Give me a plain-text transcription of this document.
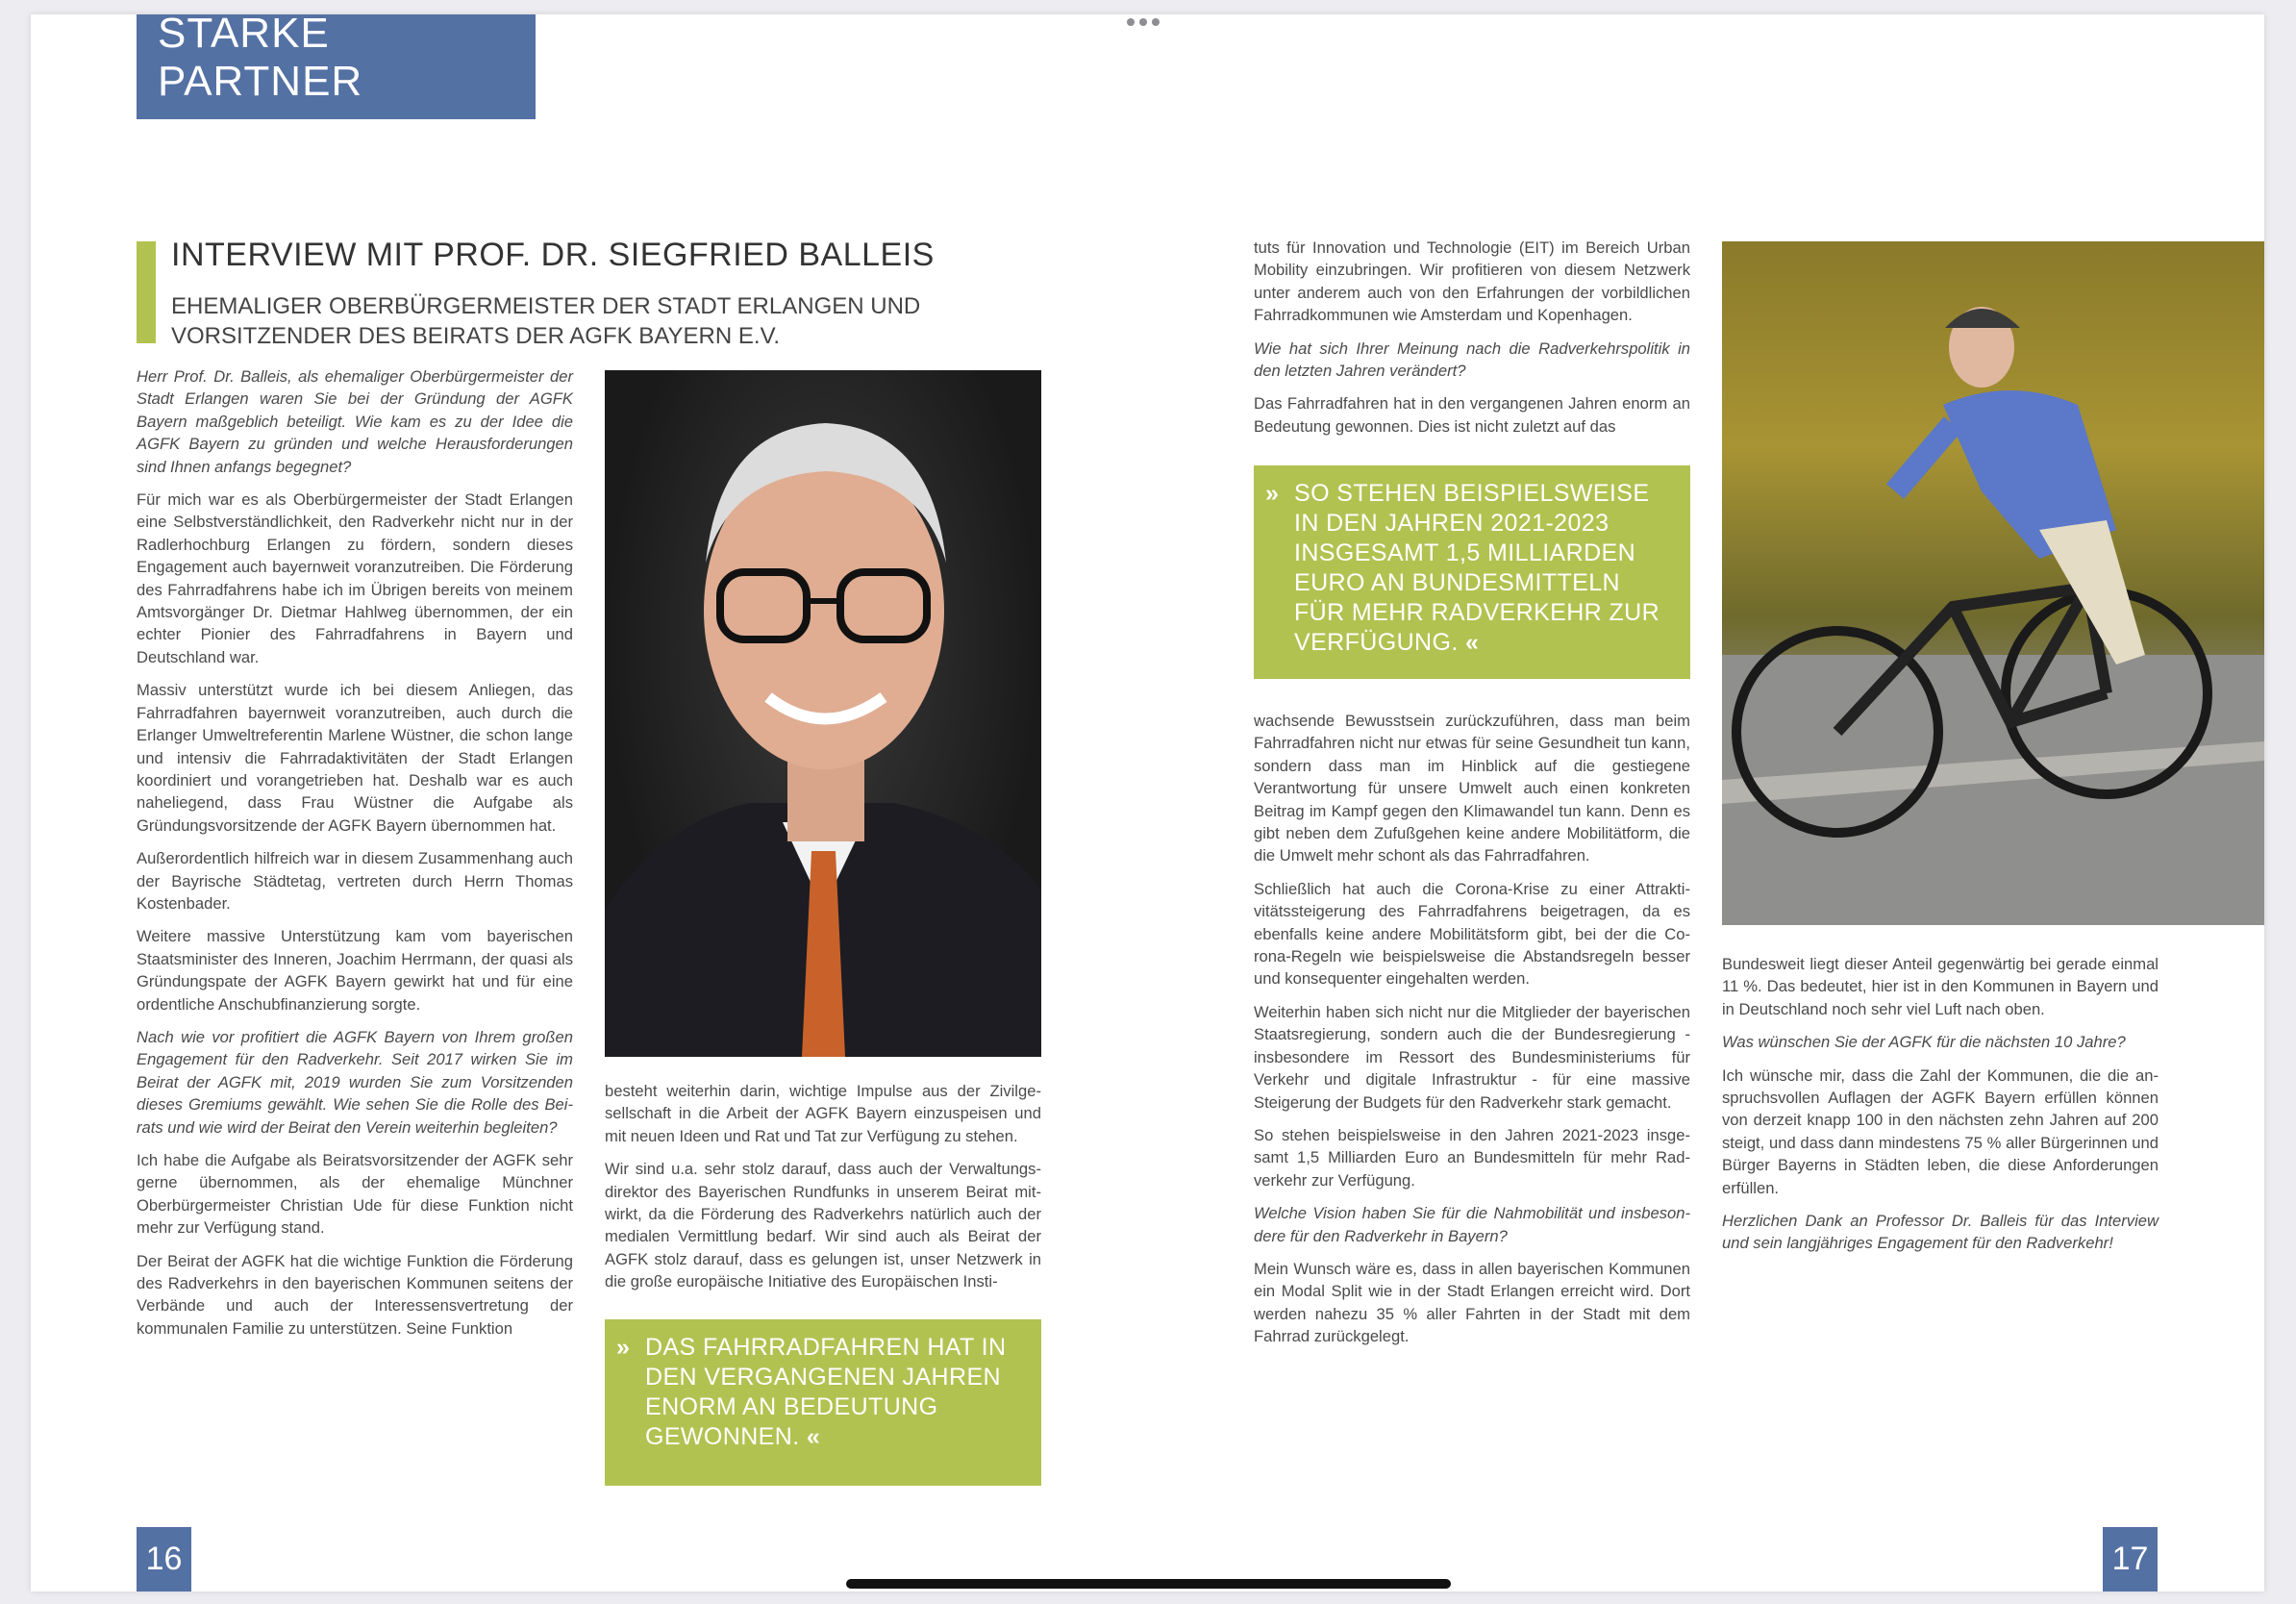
STARKE PARTNER
INTERVIEW MIT PROF. DR. SIEGFRIED BALLEIS
EHEMALIGER OBERBÜRGERMEISTER DER STADT ERLANGEN UND VORSITZENDER DES BEIRATS DER AGFK BAYERN E.V.

Herr Prof. Dr. Balleis, als ehemaliger Oberbürgermeister der Stadt Erlangen waren Sie bei der Gründung der AGFK Bayern maßgeblich beteiligt. Wie kam es zu der Idee die AGFK Bayern zu gründen und welche Herausforderungen sind Ihnen anfangs begegnet?

Für mich war es als Oberbürgermeister der Stadt Erlangen eine Selbstverständlichkeit, den Radverkehr nicht nur in der Radlerhochburg Erlangen zu fördern, sondern dieses Engagement auch bayernweit voranzutreiben. Die Förderung des Fahrradfahrens habe ich im Übrigen bereits von meinem Amtsvorgänger Dr. Dietmar Hahlweg übernommen, der ein echter Pionier des Fahrradfahrens in Bayern und Deutschland war.

Massiv unterstützt wurde ich bei diesem Anliegen, das Fahrradfahren bayernweit voranzutreiben, auch durch die Erlanger Umweltreferentin Marlene Wüstner, die schon lange und intensiv die Fahrradaktivitäten der Stadt Erlangen koordiniert und vorangetrieben hat. Deshalb war es auch naheliegend, dass Frau Wüstner die Aufgabe als Gründungsvorsitzende der AGFK Bayern übernommen hat.

Außerordentlich hilfreich war in diesem Zusammenhang auch der Bayrische Städtetag, vertreten durch Herrn Thomas Kostenbader.

Weitere massive Unterstützung kam vom bayerischen Staatsminister des Inneren, Joachim Herrmann, der quasi als Gründungspate der AGFK Bayern gewirkt hat und für eine ordentliche Anschubfinanzierung sorgte.

Nach wie vor profitiert die AGFK Bayern von Ihrem großen Engagement für den Radverkehr. Seit 2017 wirken Sie im Beirat der AGFK mit, 2019 wurden Sie zum Vorsitzenden dieses Gremiums gewählt. Wie sehen Sie die Rolle des Beirats und wie wird der Beirat den Verein weiterhin begleiten?

Ich habe die Aufgabe als Beiratsvorsitzender der AGFK sehr gerne übernommen, als der ehemalige Münchner Oberbürgermeister Christian Ude für diese Funktion nicht mehr zur Verfügung stand.

Der Beirat der AGFK hat die wichtige Funktion die Förderung des Radverkehrs in den bayerischen Kommunen seitens der Verbände und auch der Interessensvertretung der kommunalen Familie zu unterstützen. Seine Funktion

besteht weiterhin darin, wichtige Impulse aus der Zivilgesellschaft in die Arbeit der AGFK Bayern einzuspeisen und mit neuen Ideen und Rat und Tat zur Verfügung zu stehen.

Wir sind u.a. sehr stolz darauf, dass auch der Verwaltungsdirektor des Bayerischen Rundfunks in unserem Beirat mitwirkt, da die Förderung des Radverkehrs natürlich auch der medialen Vermittlung bedarf. Wir sind auch als Beirat der AGFK stolz darauf, dass es gelungen ist, unser Netzwerk in die große europäische Initiative des Europäischen Insti-

» DAS FAHRRADFAHREN HAT IN DEN VERGANGENEN JAHREN ENORM AN BEDEUTUNG GEWONNEN. «

tuts für Innovation und Technologie (EIT) im Bereich Urban Mobility einzubringen. Wir profitieren von diesem Netzwerk unter anderem auch von den Erfahrungen der vorbildlichen Fahrradkommunen wie Amsterdam und Kopenhagen.

Wie hat sich Ihrer Meinung nach die Radverkehrspolitik in den letzten Jahren verändert?

Das Fahrradfahren hat in den vergangenen Jahren enorm an Bedeutung gewonnen. Dies ist nicht zuletzt auf das

» SO STEHEN BEISPIELSWEISE IN DEN JAHREN 2021-2023 INSGESAMT 1,5 MILLIARDEN EURO AN BUNDESMITTELN FÜR MEHR RADVERKEHR ZUR VERFÜGUNG. «

wachsende Bewusstsein zurückzuführen, dass man beim Fahrradfahren nicht nur etwas für seine Gesundheit tun kann, sondern dass man im Hinblick auf die gestiegene Verantwortung für unsere Umwelt auch einen konkreten Beitrag im Kampf gegen den Klimawandel tun kann. Denn es gibt neben dem Zufußgehen keine andere Mobilitätform, die die Umwelt mehr schont als das Fahrradfahren.

Schließlich hat auch die Corona-Krise zu einer Attraktivitätssteigerung des Fahrradfahrens beigetragen, da es ebenfalls keine andere Mobilitätsform gibt, bei der die Corona-Regeln wie beispielsweise die Abstandsregeln besser und konsequenter eingehalten werden.

Weiterhin haben sich nicht nur die Mitglieder der bayerischen Staatsregierung, sondern auch die der Bundesregierung - insbesondere im Ressort des Bundesministeriums für Verkehr und digitale Infrastruktur - für eine massive Steigerung der Budgets für den Radverkehr stark gemacht.

So stehen beispielsweise in den Jahren 2021-2023 insgesamt 1,5 Milliarden Euro an Bundesmitteln für mehr Radverkehr zur Verfügung.

Welche Vision haben Sie für die Nahmobilität und insbesondere für den Radverkehr in Bayern?

Mein Wunsch wäre es, dass in allen bayerischen Kommunen ein Modal Split wie in der Stadt Erlangen erreicht wird. Dort werden nahezu 35 % aller Fahrten in der Stadt mit dem Fahrrad zurückgelegt.

Bundesweit liegt dieser Anteil gegenwärtig bei gerade einmal 11 %. Das bedeutet, hier ist in den Kommunen in Bayern und in Deutschland noch sehr viel Luft nach oben.

Was wünschen Sie der AGFK für die nächsten 10 Jahre?

Ich wünsche mir, dass die Zahl der Kommunen, die die anspruchsvollen Auflagen der AGFK Bayern erfüllen können von derzeit knapp 100 in den nächsten zehn Jahren auf 200 steigt, und dass dann mindestens 75 % aller Bürgerinnen und Bürger Bayerns in Städten leben, die diese Anforderungen erfüllen.

Herzlichen Dank an Professor Dr. Balleis für das Interview und sein langjähriges Engagement für den Radverkehr!

16	17
